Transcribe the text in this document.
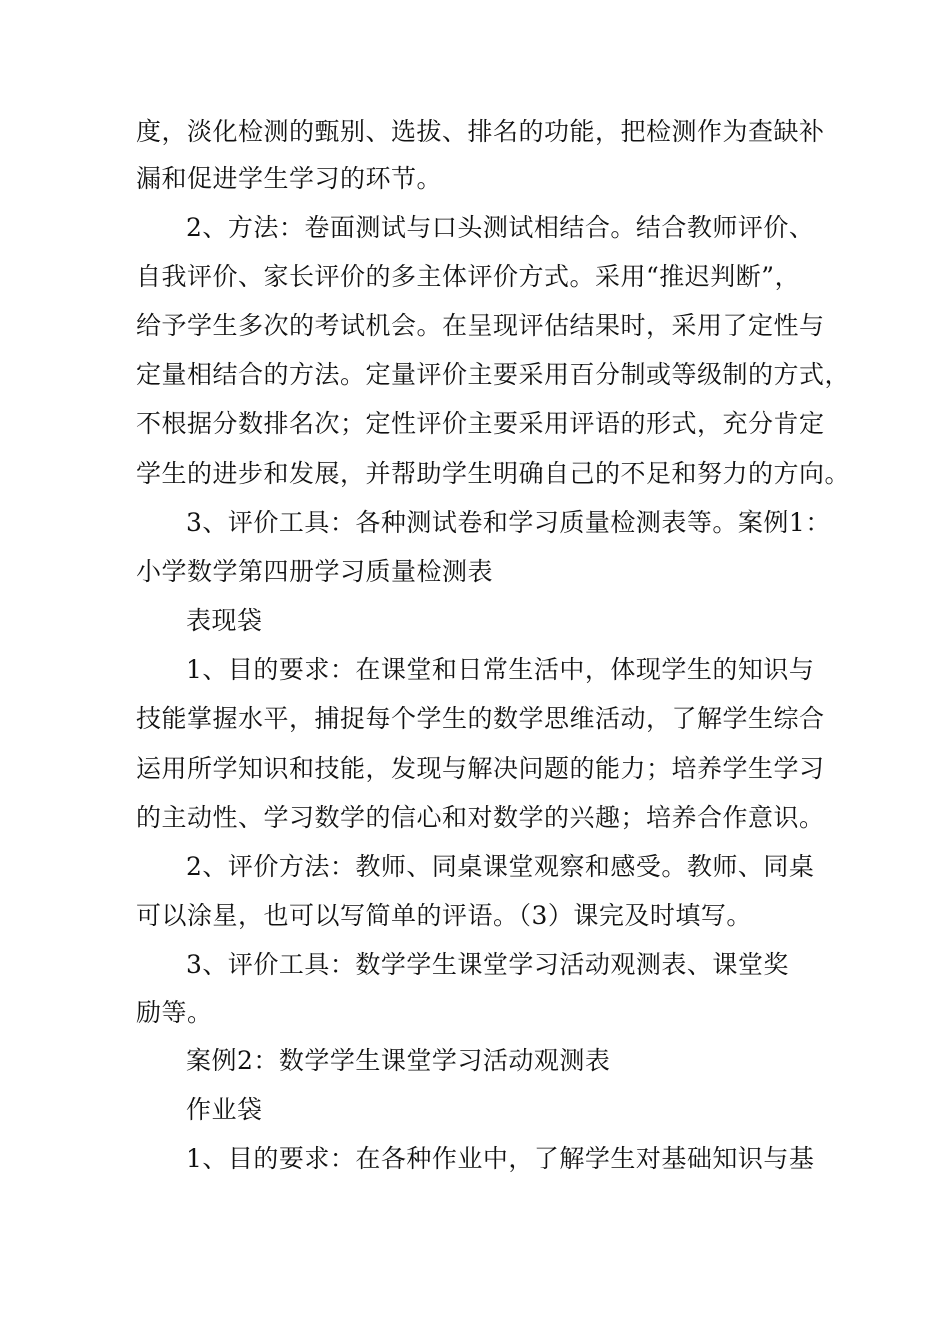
度，淡化检测的甄别、选拔、排名的功能，把检测作为查缺补
漏和促进学生学习的环节。
2、方法：卷面测试与口头测试相结合。结合教师评价、
自我评价、家长评价的多主体评价方式。采用“推迟判断”，
给予学生多次的考试机会。在呈现评估结果时，采用了定性与
定量相结合的方法。定量评价主要采用百分制或等级制的方式，
不根据分数排名次；定性评价主要采用评语的形式，充分肯定
学生的进步和发展，并帮助学生明确自己的不足和努力的方向。
3、评价工具：各种测试卷和学习质量检测表等。案例1：
小学数学第四册学习质量检测表
表现袋
1、目的要求：在课堂和日常生活中，体现学生的知识与
技能掌握水平，捕捉每个学生的数学思维活动，了解学生综合
运用所学知识和技能，发现与解决问题的能力；培养学生学习
的主动性、学习数学的信心和对数学的兴趣；培养合作意识。
2、评价方法：教师、同桌课堂观察和感受。教师、同桌
可以涂星，也可以写简单的评语。（3）课完及时填写。
3、评价工具：数学学生课堂学习活动观测表、课堂奖
励等。
案例2：数学学生课堂学习活动观测表
作业袋
1、目的要求：在各种作业中，了解学生对基础知识与基
